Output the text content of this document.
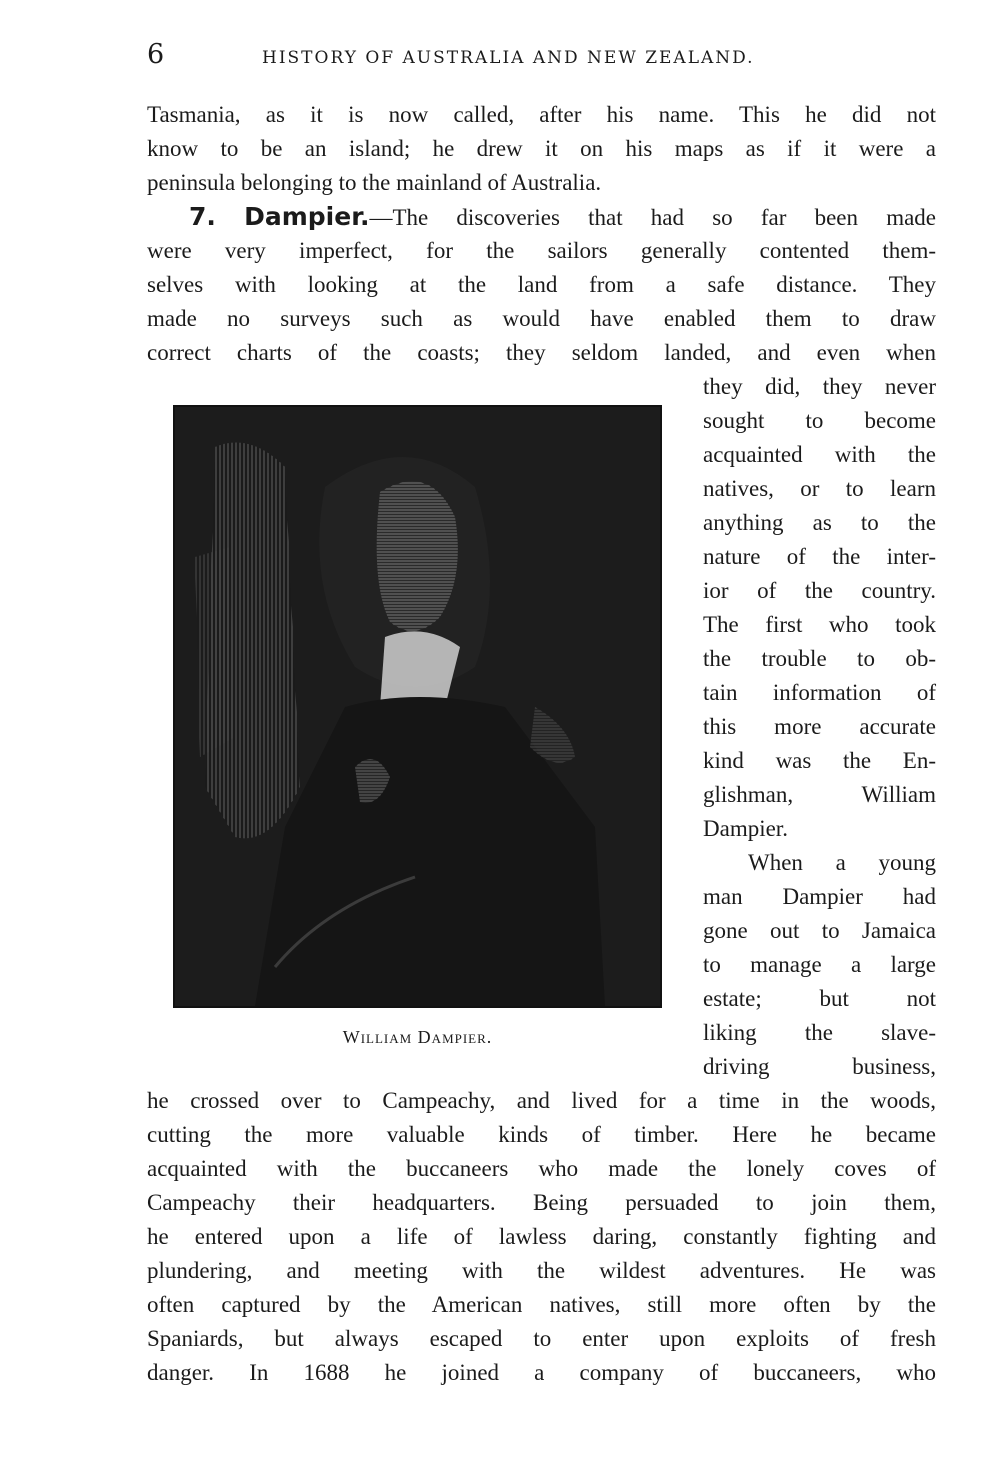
6	HISTORY OF AUSTRALIA AND NEW ZEALAND.
Tasmania, as it is now called, after his name. This he did not
know to be an island; he drew it on his maps as if it were a
peninsula belonging to the mainland of Australia.
7. Dampier.—The discoveries that had so far been made
were very imperfect, for the sailors generally contented them-
selves with looking at the land from a safe distance. They
made no surveys such as would have enabled them to draw
correct charts of the coasts; they seldom landed, and even when
they did, they never
sought to become
acquainted with the
natives, or to learn
anything as to the
nature of the inter-
ior of the country.
The first who took
the trouble to ob-
tain information of
this more accurate
kind was the En-
glishman, William
Dampier.
When a young
man Dampier had
gone out to Jamaica
to manage a large
estate; but not
liking the slave-
driving business,
he crossed over to Campeachy, and lived for a time in the woods,
cutting the more valuable kinds of timber. Here he became
acquainted with the buccaneers who made the lonely coves of
Campeachy their headquarters. Being persuaded to join them,
he entered upon a life of lawless daring, constantly fighting and
plundering, and meeting with the wildest adventures. He was
often captured by the American natives, still more often by the
Spaniards, but always escaped to enter upon exploits of fresh
danger. In 1688 he joined a company of buccaneers, who
William Dampier.
